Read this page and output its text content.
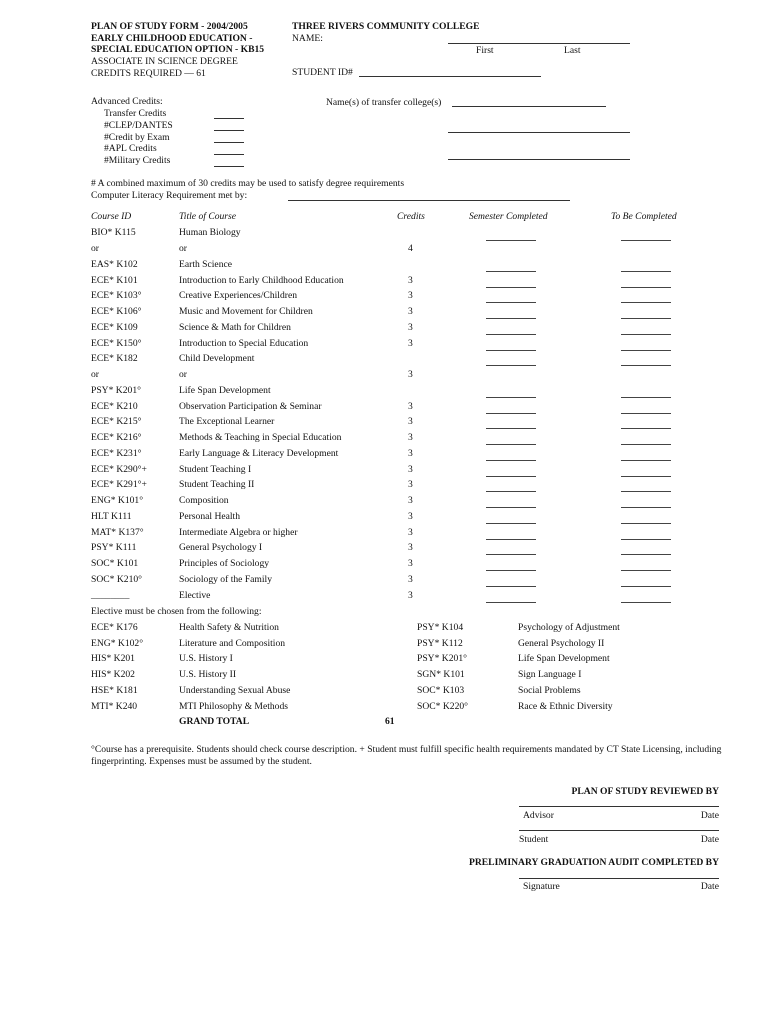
PLAN OF STUDY FORM - 2004/2005
EARLY CHILDHOOD EDUCATION -
SPECIAL EDUCATION OPTION - KB15
ASSOCIATE IN SCIENCE DEGREE
CREDITS REQUIRED — 61
THREE RIVERS COMMUNITY COLLEGE
NAME:
First	Last
STUDENT ID#
Advanced Credits:
Transfer Credits
#CLEP/DANTES
#Credit by Exam
#APL Credits
#Military Credits
Name(s) of transfer college(s)
# A combined maximum of 30 credits may be used to satisfy degree requirements
Computer Literacy Requirement met by:
Course ID	Title of Course	Credits	Semester Completed	To Be Completed
BIO* K115	Human Biology
or	or	4
EAS* K102	Earth Science
ECE* K101	Introduction to Early Childhood Education	3
ECE* K103°	Creative Experiences/Children	3
ECE* K106°	Music and Movement for Children	3
ECE* K109	Science & Math for Children	3
ECE* K150°	Introduction to Special Education	3
ECE* K182	Child Development
or	or	3
PSY* K201°	Life Span Development
ECE* K210	Observation Participation & Seminar	3
ECE* K215°	The Exceptional Learner	3
ECE* K216°	Methods & Teaching in Special Education	3
ECE* K231°	Early Language & Literacy Development	3
ECE* K290°+	Student Teaching I	3
ECE* K291°+	Student Teaching II	3
ENG* K101°	Composition	3
HLT K111	Personal Health	3
MAT* K137°	Intermediate Algebra or higher	3
PSY* K111	General Psychology I	3
SOC* K101	Principles of Sociology	3
SOC* K210°	Sociology of the Family	3
________	Elective	3
Elective must be chosen from the following:
ECE* K176	Health Safety & Nutrition
ENG* K102°	Literature and Composition
HIS* K201	U.S. History I
HIS* K202	U.S. History II
HSE* K181	Understanding Sexual Abuse
MTI* K240	MTI Philosophy & Methods
PSY* K104	Psychology of Adjustment
PSY* K112	General Psychology II
PSY* K201°	Life Span Development
SGN* K101	Sign Language I
SOC* K103	Social Problems
SOC* K220°	Race & Ethnic Diversity
GRAND TOTAL	61
°Course has a prerequisite. Students should check course description. + Student must fulfill specific health requirements mandated by CT State Licensing, including fingerprinting. Expenses must be assumed by the student.
PLAN OF STUDY REVIEWED BY
Advisor	Date
Student	Date
PRELIMINARY GRADUATION AUDIT COMPLETED BY
Signature	Date
